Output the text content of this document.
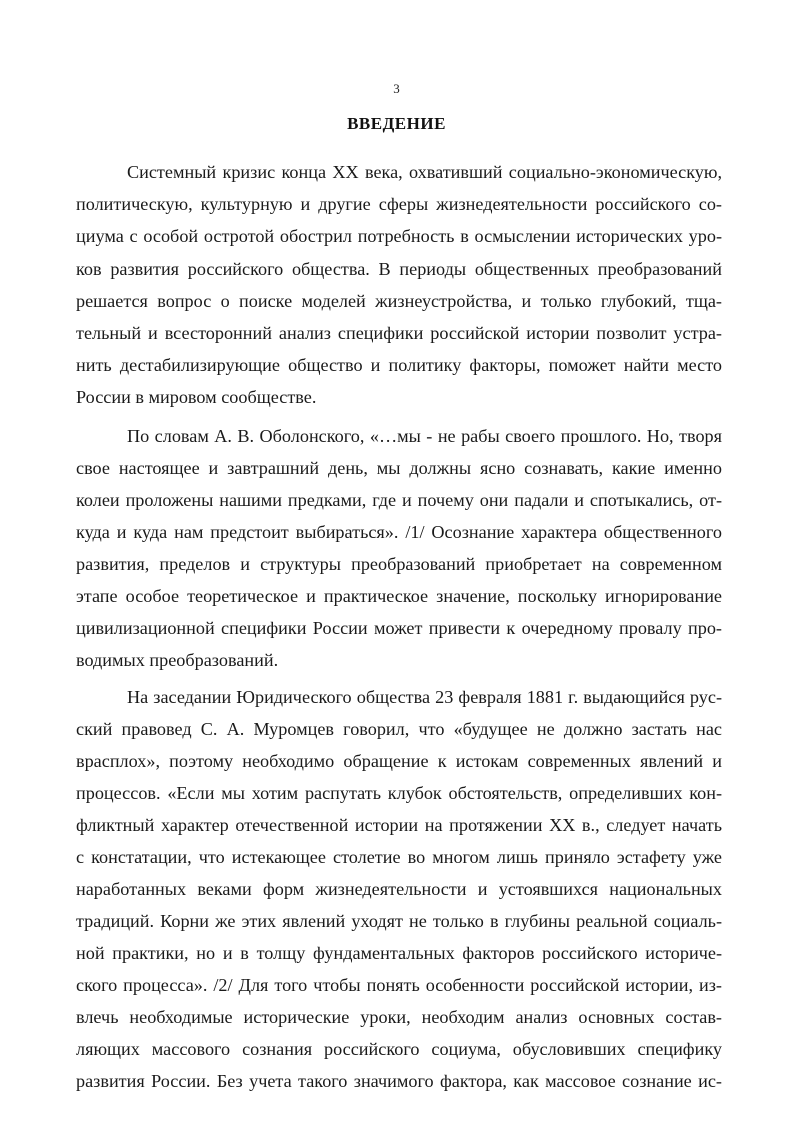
3
ВВЕДЕНИЕ
Системный кризис конца XX века, охвативший социально-экономическую,
политическую, культурную и другие сферы жизнедеятельности российского со-
циума с особой остротой обострил потребность в осмыслении исторических уро-
ков развития российского общества. В периоды общественных преобразований
решается вопрос о поиске моделей жизнеустройства, и только глубокий, тща-
тельный и всесторонний анализ специфики российской истории позволит устра-
нить дестабилизирующие общество и политику факторы, поможет найти место
России в мировом сообществе.
По словам А. В. Оболонского, «…мы - не рабы своего прошлого. Но, творя
свое настоящее и завтрашний день, мы должны ясно сознавать, какие именно
колеи проложены нашими предками, где и почему они падали и спотыкались, от-
куда и куда нам предстоит выбираться». /1/ Осознание характера общественного
развития, пределов и структуры преобразований приобретает на современном
этапе особое теоретическое и практическое значение, поскольку игнорирование
цивилизационной специфики России может привести к очередному провалу про-
водимых преобразований.
На заседании Юридического общества 23 февраля 1881 г. выдающийся рус-
ский правовед С. А. Муромцев говорил, что «будущее не должно застать нас
врасплох», поэтому необходимо обращение к истокам современных явлений и
процессов. «Если мы хотим распутать клубок обстоятельств, определивших кон-
фликтный характер отечественной истории на протяжении XX в., следует начать
с констатации, что истекающее столетие во многом лишь приняло эстафету уже
наработанных веками форм жизнедеятельности и устоявшихся национальных
традиций. Корни же этих явлений уходят не только в глубины реальной социаль-
ной практики, но и в толщу фундаментальных факторов российского историче-
ского процесса». /2/ Для того чтобы понять особенности российской истории, из-
влечь необходимые исторические уроки, необходим анализ основных состав-
ляющих массового сознания российского социума, обусловивших специфику
развития России. Без учета такого значимого фактора, как массовое сознание ис-
